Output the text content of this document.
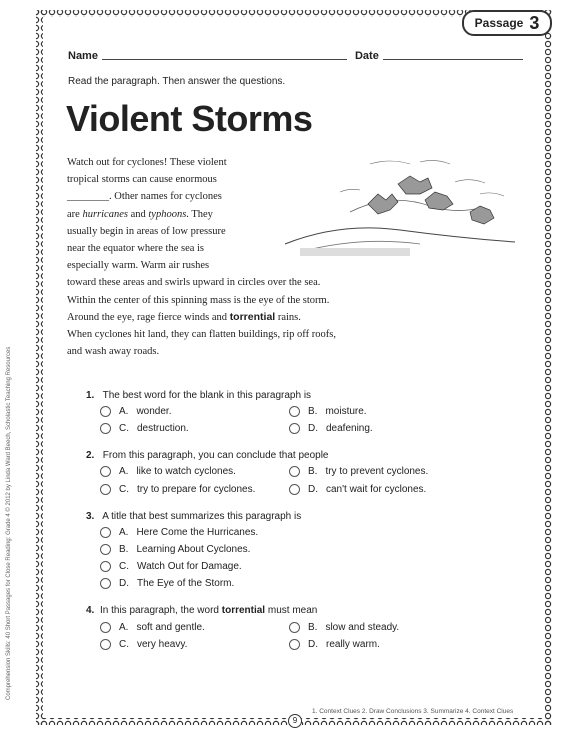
Passage 3
Name	Date
Read the paragraph. Then answer the questions.
Violent Storms
Watch out for cyclones! These violent
tropical storms can cause enormous
________. Other names for cyclones
are hurricanes and typhoons. They
usually begin in areas of low pressure
near the equator where the sea is
especially warm. Warm air rushes
toward these areas and swirls upward in circles over the sea.
Within the center of this spinning mass is the eye of the storm.
Around the eye, rage fierce winds and torrential rains.
When cyclones hit land, they can flatten buildings, rip off roofs,
and wash away roads.
1. The best word for the blank in this paragraph is
A. wonder.	B. moisture.
C. destruction.	D. deafening.
2. From this paragraph, you can conclude that people
A. like to watch cyclones.	B. try to prevent cyclones.
C. try to prepare for cyclones.	D. can't wait for cyclones.
3. A title that best summarizes this paragraph is
A. Here Come the Hurricanes.
B. Learning About Cyclones.
C. Watch Out for Damage.
D. The Eye of the Storm.
4. In this paragraph, the word torrential must mean
A. soft and gentle.	B. slow and steady.
C. very heavy.	D. really warm.
1. Context Clues 2. Draw Conclusions 3. Summarize 4. Context Clues
9
Comprehension Skills: 40 Short Passages for Close Reading: Grade 4 © 2012 by Linda Ward Beech, Scholastic Teaching Resources
